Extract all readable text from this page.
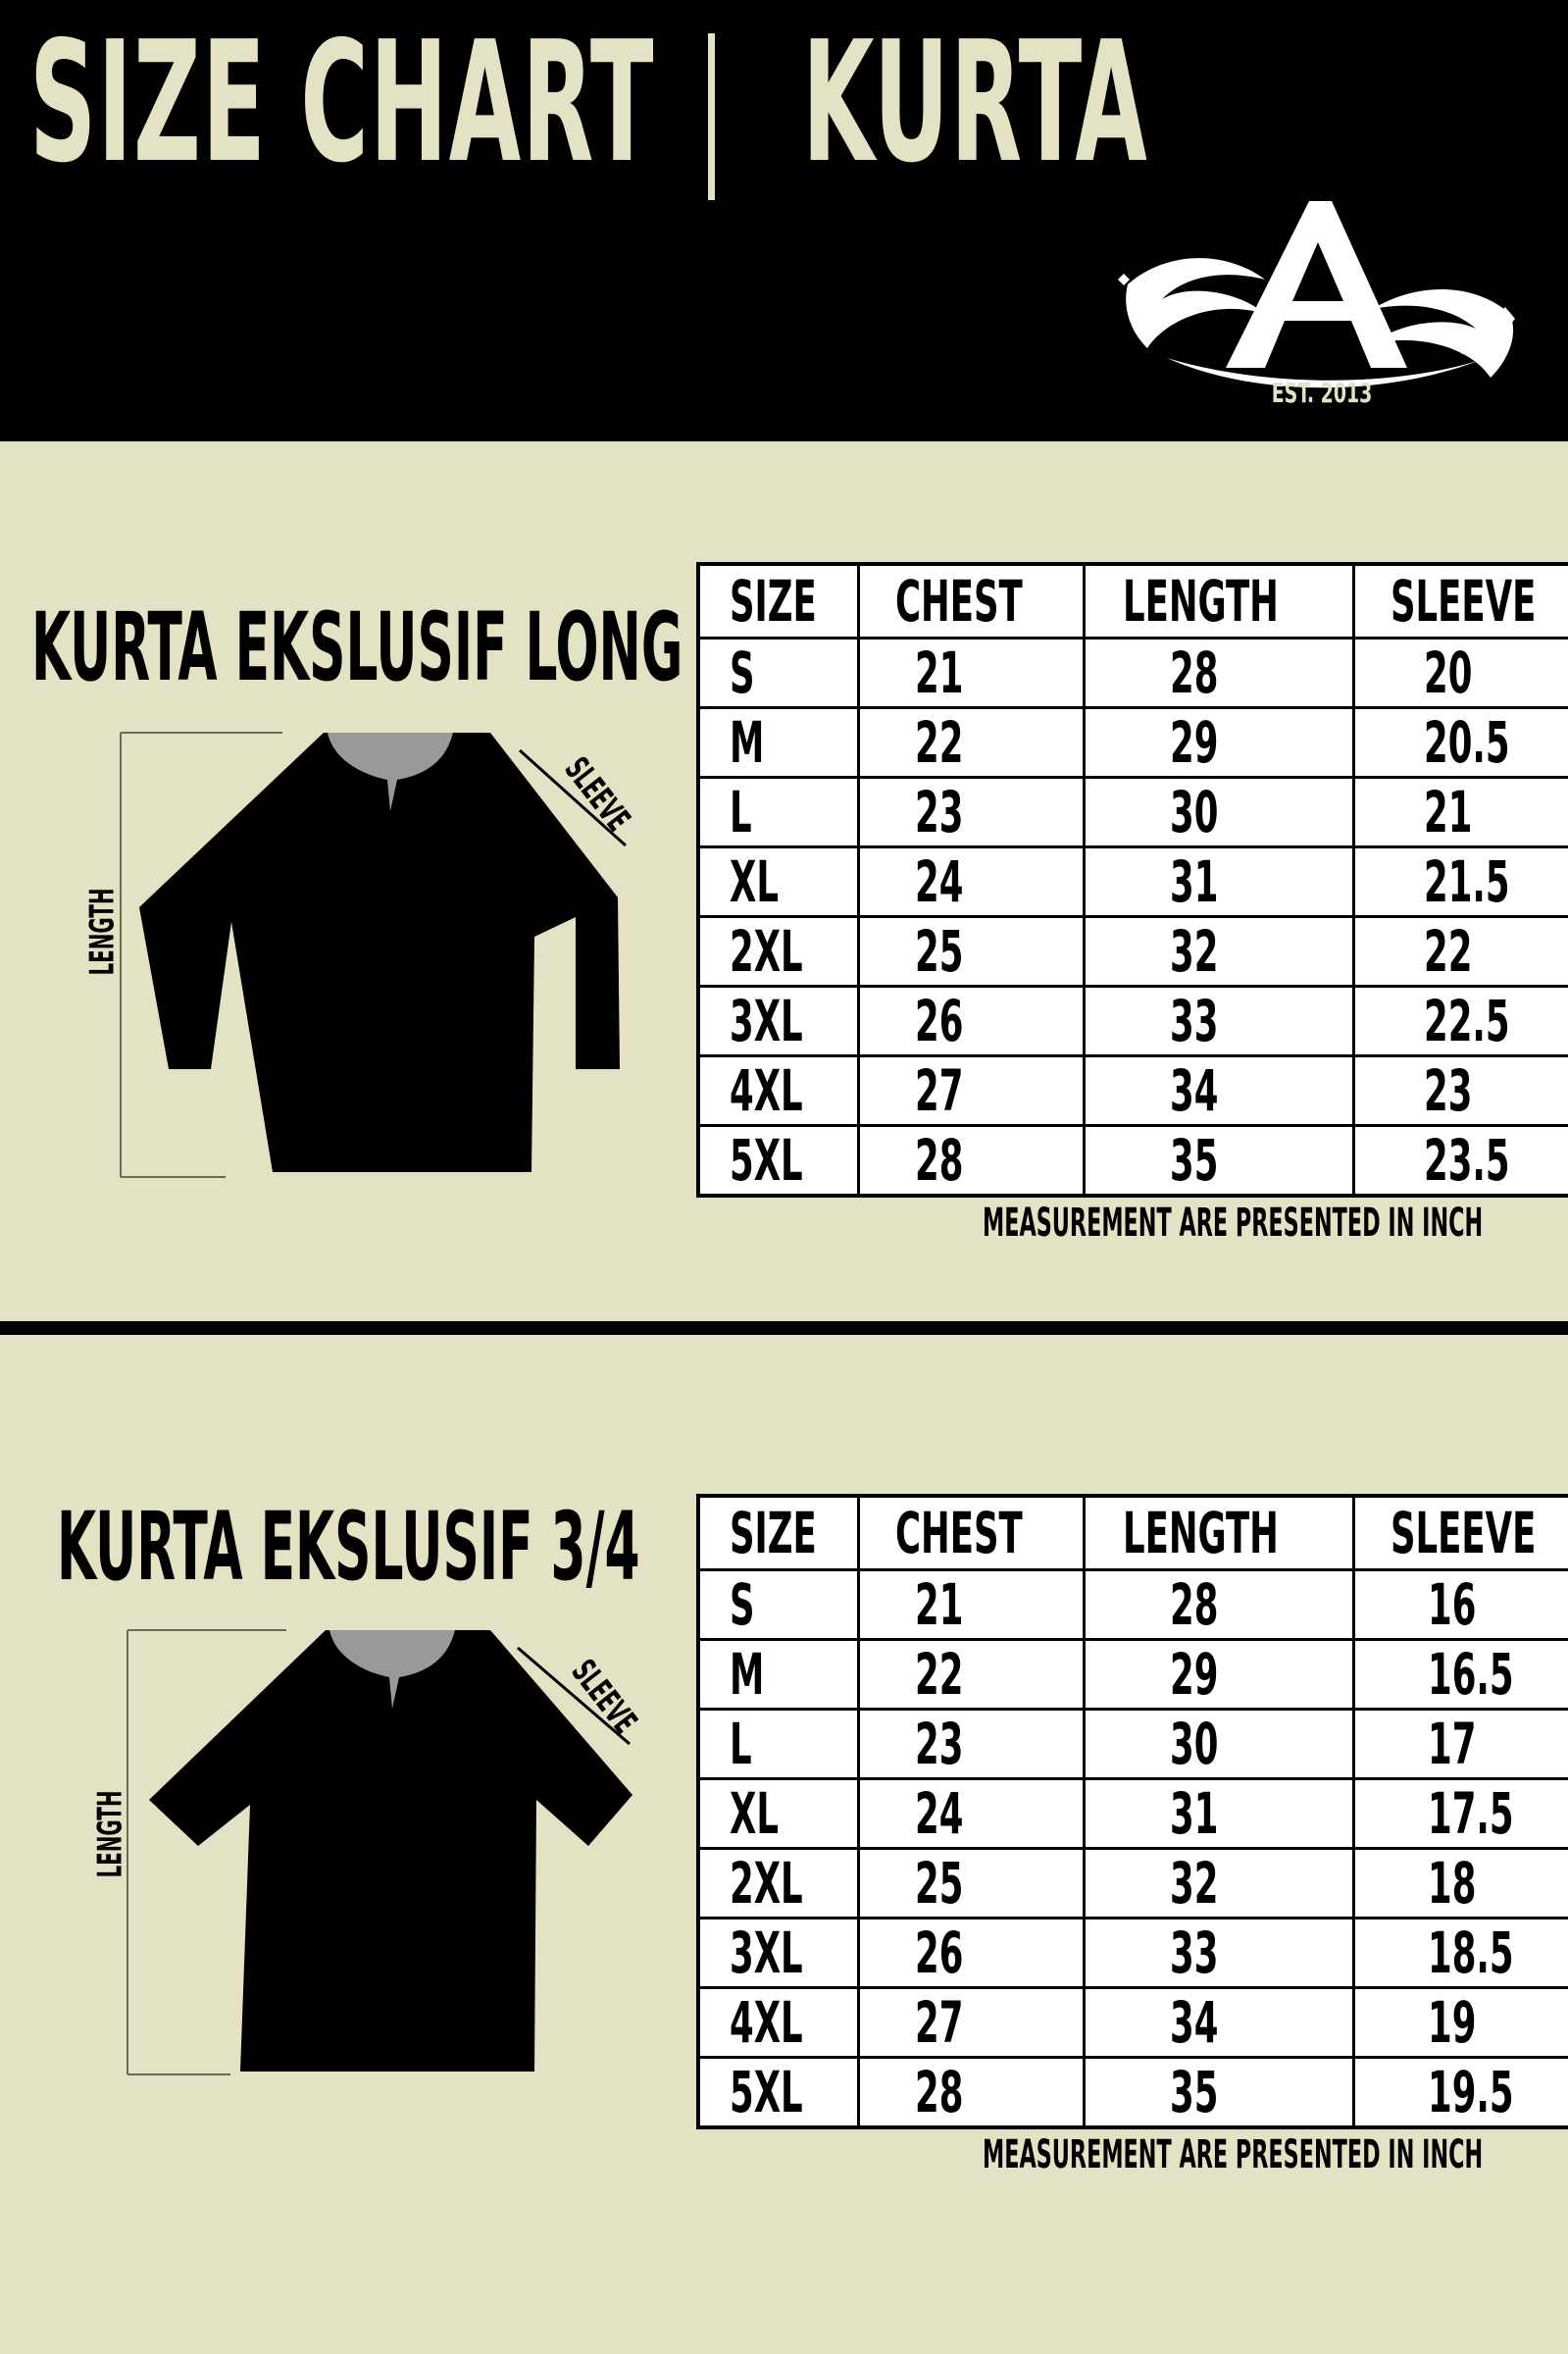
SIZE CHART KURTA
EST. 2013
KURTA EKSLUSIF LONG
LENGTH
SLEEVE
SIZE	CHEST	LENGTH	SLEEVE
S	21	28	20
M	22	29	20.5
L	23	30	21
XL	24	31	21.5
2XL	25	32	22
3XL	26	33	22.5
4XL	27	34	23
5XL	28	35	23.5
MEASUREMENT ARE PRESENTED IN INCH
KURTA EKSLUSIF 3/4
LENGTH
SLEEVE
SIZE	CHEST	LENGTH	SLEEVE
S	21	28	16
M	22	29	16.5
L	23	30	17
XL	24	31	17.5
2XL	25	32	18
3XL	26	33	18.5
4XL	27	34	19
5XL	28	35	19.5
MEASUREMENT ARE PRESENTED IN INCH
